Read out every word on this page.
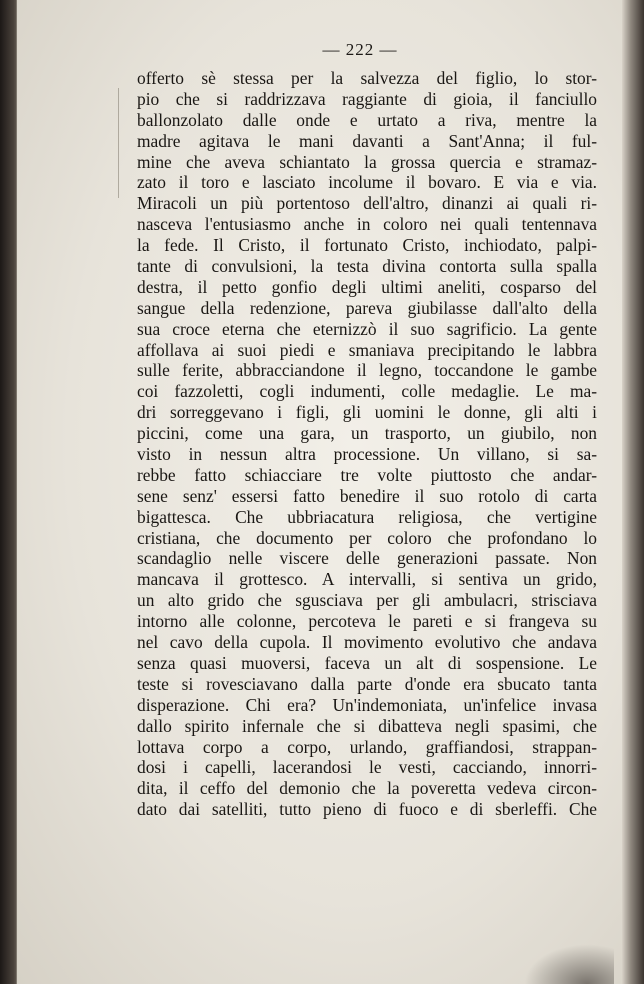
— 222 —
offerto sè stessa per la salvezza del figlio, lo stor-
pio che si raddrizzava raggiante di gioia, il fanciullo
ballonzolato dalle onde e urtato a riva, mentre la
madre agitava le mani davanti a Sant'Anna; il ful-
mine che aveva schiantato la grossa quercia e stramaz-
zato il toro e lasciato incolume il bovaro. E via e via.
Miracoli un più portentoso dell'altro, dinanzi ai quali ri-
nasceva l'entusiasmo anche in coloro nei quali tentennava
la fede. Il Cristo, il fortunato Cristo, inchiodato, palpi-
tante di convulsioni, la testa divina contorta sulla spalla
destra, il petto gonfio degli ultimi aneliti, cosparso del
sangue della redenzione, pareva giubilasse dall'alto della
sua croce eterna che eternizzò il suo sagrificio. La gente
affollava ai suoi piedi e smaniava precipitando le labbra
sulle ferite, abbracciandone il legno, toccandone le gambe
coi fazzoletti, cogli indumenti, colle medaglie. Le ma-
dri sorreggevano i figli, gli uomini le donne, gli alti i
piccini, come una gara, un trasporto, un giubilo, non
visto in nessun altra processione. Un villano, si sa-
rebbe fatto schiacciare tre volte piuttosto che andar-
sene senz' essersi fatto benedire il suo rotolo di carta
bigattesca. Che ubbriacatura religiosa, che vertigine
cristiana, che documento per coloro che profondano lo
scandaglio nelle viscere delle generazioni passate. Non
mancava il grottesco. A intervalli, si sentiva un grido,
un alto grido che sgusciava per gli ambulacri, strisciava
intorno alle colonne, percoteva le pareti e si frangeva su
nel cavo della cupola. Il movimento evolutivo che andava
senza quasi muoversi, faceva un alt di sospensione. Le
teste si rovesciavano dalla parte d'onde era sbucato tanta
disperazione. Chi era? Un'indemoniata, un'infelice invasa
dallo spirito infernale che si dibatteva negli spasimi, che
lottava corpo a corpo, urlando, graffiandosi, strappan-
dosi i capelli, lacerandosi le vesti, cacciando, innorri-
dita, il ceffo del demonio che la poveretta vedeva circon-
dato dai satelliti, tutto pieno di fuoco e di sberleffi. Che
